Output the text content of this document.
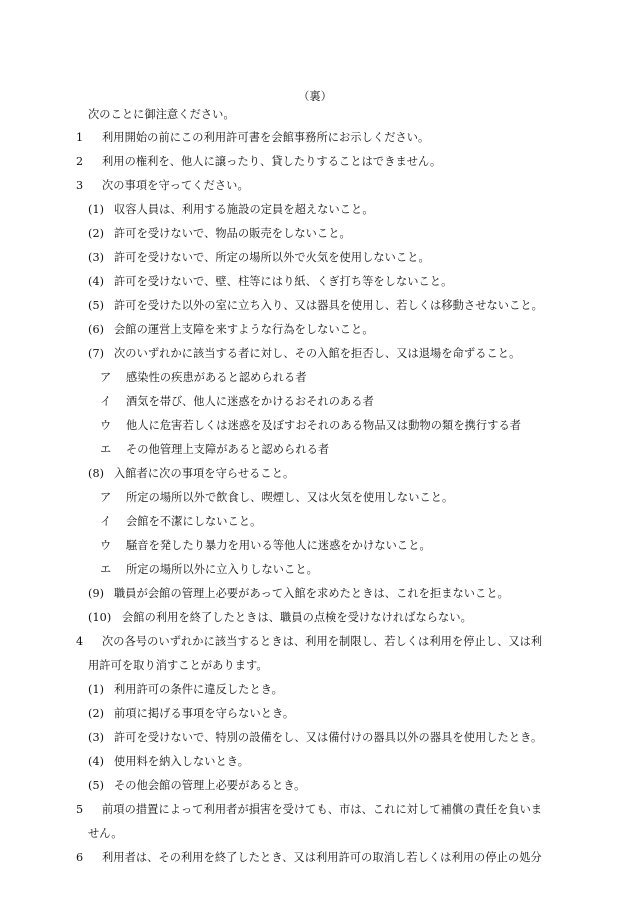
（裏）
次のことに御注意ください。
1 利用開始の前にこの利用許可書を会館事務所にお示しください。
2 利用の権利を、他人に譲ったり、貸したりすることはできません。
3 次の事項を守ってください。
(1) 収容人員は、利用する施設の定員を超えないこと。
(2) 許可を受けないで、物品の販売をしないこと。
(3) 許可を受けないで、所定の場所以外で火気を使用しないこと。
(4) 許可を受けないで、壁、柱等にはり紙、くぎ打ち等をしないこと。
(5) 許可を受けた以外の室に立ち入り、又は器具を使用し、若しくは移動させないこと。
(6) 会館の運営上支障を来すような行為をしないこと。
(7) 次のいずれかに該当する者に対し、その入館を拒否し、又は退場を命ずること。
ア 感染性の疾患があると認められる者
イ 酒気を帯び、他人に迷惑をかけるおそれのある者
ウ 他人に危害若しくは迷惑を及ぼすおそれのある物品又は動物の類を携行する者
エ その他管理上支障があると認められる者
(8) 入館者に次の事項を守らせること。
ア 所定の場所以外で飲食し、喫煙し、又は火気を使用しないこと。
イ 会館を不潔にしないこと。
ウ 騒音を発したり暴力を用いる等他人に迷惑をかけないこと。
エ 所定の場所以外に立入りしないこと。
(9) 職員が会館の管理上必要があって入館を求めたときは、これを拒まないこと。
(10) 会館の利用を終了したときは、職員の点検を受けなければならない。
4 次の各号のいずれかに該当するときは、利用を制限し、若しくは利用を停止し、又は利
用許可を取り消すことがあります。
(1) 利用許可の条件に違反したとき。
(2) 前項に掲げる事項を守らないとき。
(3) 許可を受けないで、特別の設備をし、又は備付けの器具以外の器具を使用したとき。
(4) 使用料を納入しないとき。
(5) その他会館の管理上必要があるとき。
5 前項の措置によって利用者が損害を受けても、市は、これに対して補償の責任を負いま
せん。
6 利用者は、その利用を終了したとき、又は利用許可の取消し若しくは利用の停止の処分
